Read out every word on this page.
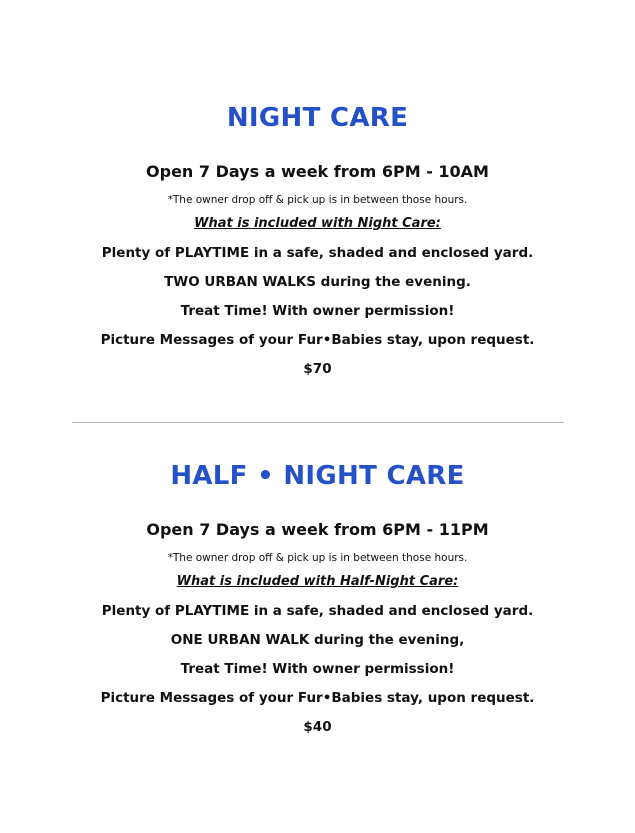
NIGHT CARE

Open 7 Days a week from 6PM - 10AM

*The owner drop off & pick up is in between those hours.

What is included with Night Care:

Plenty of PLAYTIME in a safe, shaded and enclosed yard.
TWO URBAN WALKS during the evening.
Treat Time! With owner permission!
Picture Messages of your Fur•Babies stay, upon request.

$70

HALF • NIGHT CARE

Open 7 Days a week from 6PM - 11PM

*The owner drop off & pick up is in between those hours.

What is included with Half-Night Care:

Plenty of PLAYTIME in a safe, shaded and enclosed yard.
ONE URBAN WALK during the evening,
Treat Time! With owner permission!
Picture Messages of your Fur•Babies stay, upon request.

$40
